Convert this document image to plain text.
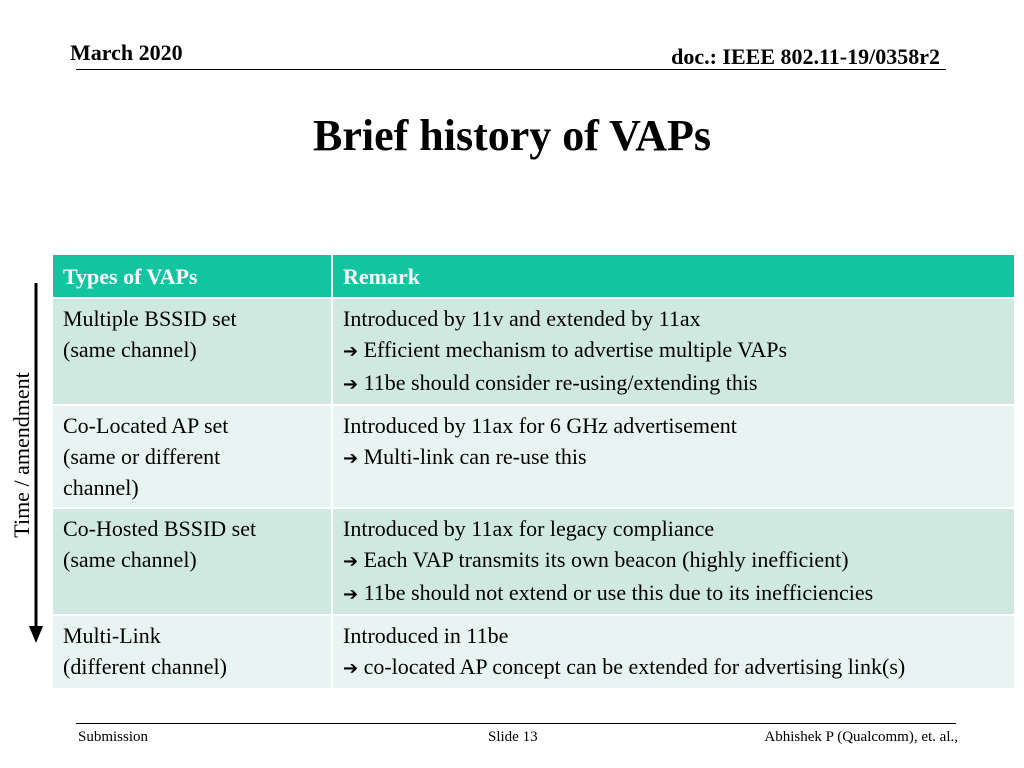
March 2020	doc.: IEEE 802.11-19/0358r2
Brief history of VAPs
Time / amendment
Types of VAPs	Remark

Multiple BSSID set
(same channel)	Introduced by 11v and extended by 11ax
➔ Efficient mechanism to advertise multiple VAPs
➔ 11be should consider re-using/extending this

Co-Located AP set
(same or different
channel)	Introduced by 11ax for 6 GHz advertisement
➔ Multi-link can re-use this

Co-Hosted BSSID set
(same channel)	Introduced by 11ax for legacy compliance
➔ Each VAP transmits its own beacon (highly inefficient)
➔ 11be should not extend or use this due to its inefficiencies

Multi-Link
(different channel)	Introduced in 11be
➔ co-located AP concept can be extended for advertising link(s)
Submission	Slide 13	Abhishek P (Qualcomm), et. al.,
